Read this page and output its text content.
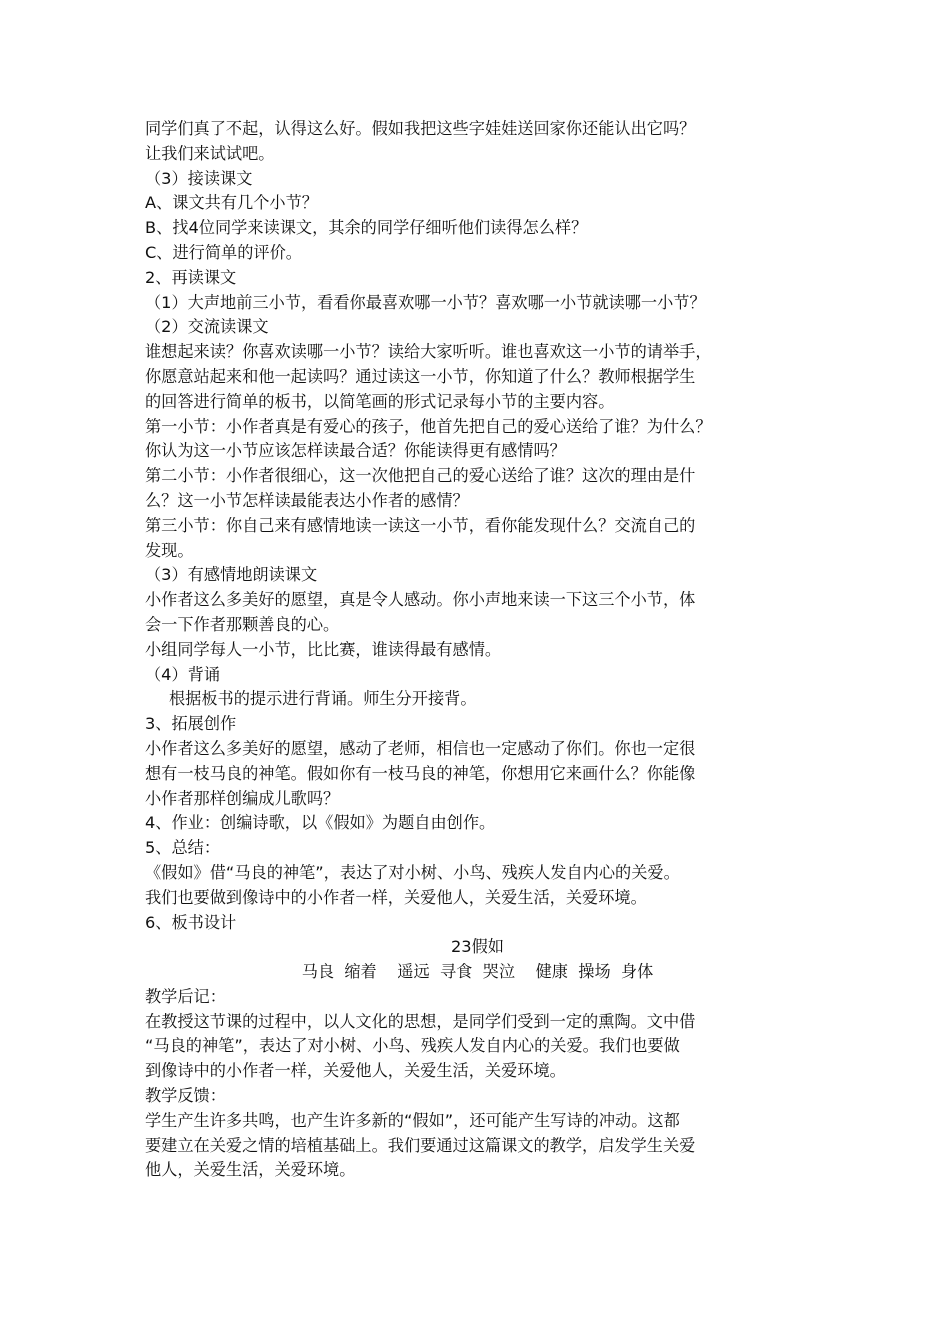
同学们真了不起，认得这么好。假如我把这些字娃娃送回家你还能认出它吗？
让我们来试试吧。
（3）接读课文
A、课文共有几个小节？
B、找4位同学来读课文，其余的同学仔细听他们读得怎么样？
C、进行简单的评价。
2、再读课文
（1）大声地前三小节，看看你最喜欢哪一小节？喜欢哪一小节就读哪一小节？
（2）交流读课文
谁想起来读？你喜欢读哪一小节？读给大家听听。谁也喜欢这一小节的请举手，
你愿意站起来和他一起读吗？通过读这一小节，你知道了什么？教师根据学生
的回答进行简单的板书，以简笔画的形式记录每小节的主要内容。
第一小节：小作者真是有爱心的孩子，他首先把自己的爱心送给了谁？为什么？
你认为这一小节应该怎样读最合适？你能读得更有感情吗？
第二小节：小作者很细心，这一次他把自己的爱心送给了谁？这次的理由是什
么？这一小节怎样读最能表达小作者的感情？
第三小节：你自己来有感情地读一读这一小节，看你能发现什么？交流自己的
发现。
（3）有感情地朗读课文
小作者这么多美好的愿望，真是令人感动。你小声地来读一下这三个小节，体
会一下作者那颗善良的心。
小组同学每人一小节，比比赛，谁读得最有感情。
（4）背诵
根据板书的提示进行背诵。师生分开接背。
3、拓展创作
小作者这么多美好的愿望，感动了老师，相信也一定感动了你们。你也一定很
想有一枝马良的神笔。假如你有一枝马良的神笔，你想用它来画什么？你能像
小作者那样创编成儿歌吗？
4、作业：创编诗歌，以《假如》为题自由创作。
5、总结：
《假如》借“马良的神笔”，表达了对小树、小鸟、残疾人发自内心的关爱。
我们也要做到像诗中的小作者一样，关爱他人，关爱生活，关爱环境。
6、板书设计
23假如
马良  缩着    遥远  寻食  哭泣    健康  操场  身体
教学后记：
在教授这节课的过程中，以人文化的思想，是同学们受到一定的熏陶。文中借
“马良的神笔”，表达了对小树、小鸟、残疾人发自内心的关爱。我们也要做
到像诗中的小作者一样，关爱他人，关爱生活，关爱环境。
教学反馈：
学生产生许多共鸣，也产生许多新的“假如”，还可能产生写诗的冲动。这都
要建立在关爱之情的培植基础上。我们要通过这篇课文的教学，启发学生关爱
他人，关爱生活，关爱环境。
